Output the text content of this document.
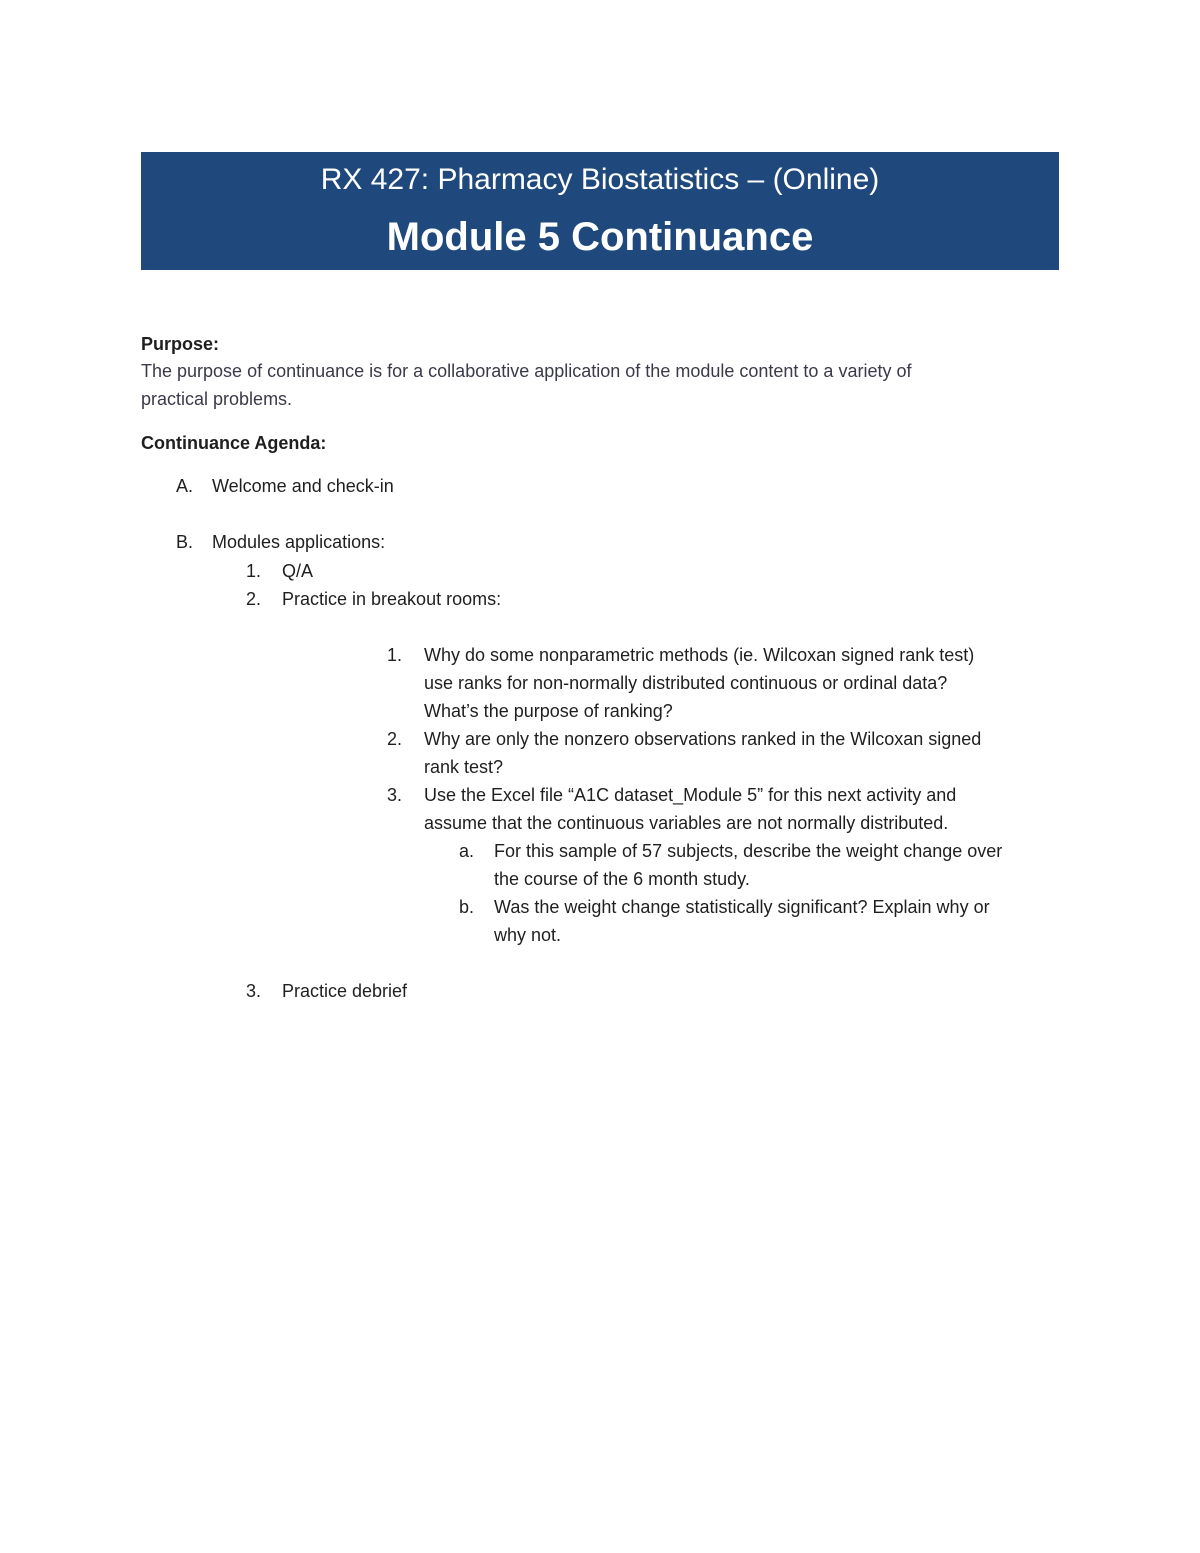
RX 427: Pharmacy Biostatistics – (Online)
Module 5 Continuance
Purpose:
The purpose of continuance is for a collaborative application of the module content to a variety of
practical problems.
Continuance Agenda:
A. Welcome and check-in
B. Modules applications:
1. Q/A
2. Practice in breakout rooms:
1. Why do some nonparametric methods (ie. Wilcoxan signed rank test)
use ranks for non-normally distributed continuous or ordinal data?
What’s the purpose of ranking?
2. Why are only the nonzero observations ranked in the Wilcoxan signed
rank test?
3. Use the Excel file “A1C dataset_Module 5” for this next activity and
assume that the continuous variables are not normally distributed.
a. For this sample of 57 subjects, describe the weight change over
the course of the 6 month study.
b. Was the weight change statistically significant? Explain why or
why not.
3. Practice debrief
